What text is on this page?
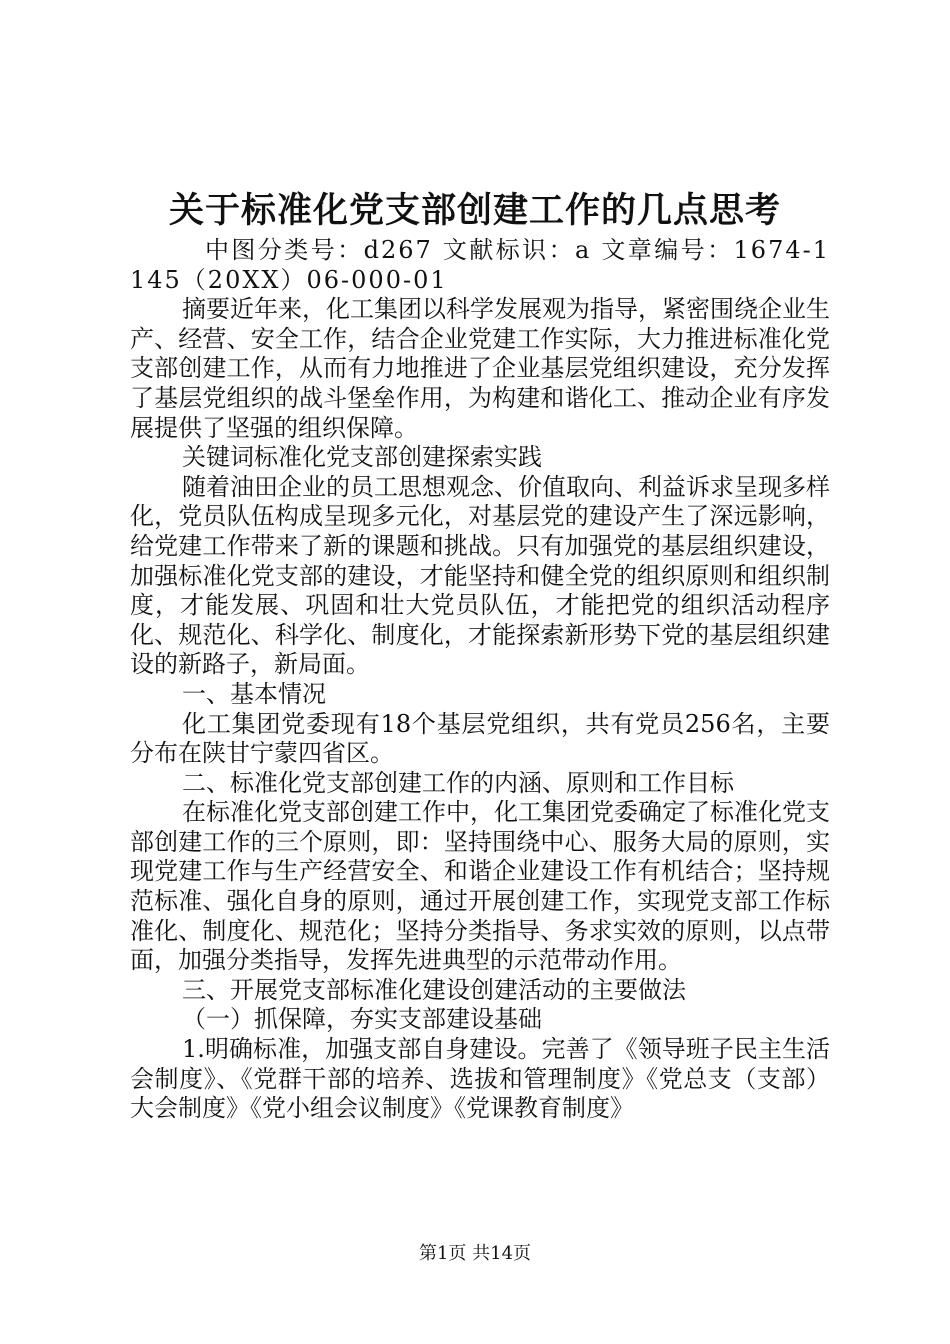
关于标准化党支部创建工作的几点思考

中图分类号：d267 文献标识：a 文章编号：1674-1145（20XX）06-000-01

摘要近年来，化工集团以科学发展观为指导，紧密围绕企业生产、经营、安全工作，结合企业党建工作实际，大力推进标准化党支部创建工作，从而有力地推进了企业基层党组织建设，充分发挥了基层党组织的战斗堡垒作用，为构建和谐化工、推动企业有序发展提供了坚强的组织保障。

关键词标准化党支部创建探索实践

随着油田企业的员工思想观念、价值取向、利益诉求呈现多样化，党员队伍构成呈现多元化，对基层党的建设产生了深远影响，给党建工作带来了新的课题和挑战。只有加强党的基层组织建设，加强标准化党支部的建设，才能坚持和健全党的组织原则和组织制度，才能发展、巩固和壮大党员队伍，才能把党的组织活动程序化、规范化、科学化、制度化，才能探索新形势下党的基层组织建设的新路子，新局面。

一、基本情况

化工集团党委现有18个基层党组织，共有党员256名，主要分布在陕甘宁蒙四省区。

二、标准化党支部创建工作的内涵、原则和工作目标

在标准化党支部创建工作中，化工集团党委确定了标准化党支部创建工作的三个原则，即：坚持围绕中心、服务大局的原则，实现党建工作与生产经营安全、和谐企业建设工作有机结合；坚持规范标准、强化自身的原则，通过开展创建工作，实现党支部工作标准化、制度化、规范化；坚持分类指导、务求实效的原则，以点带面，加强分类指导，发挥先进典型的示范带动作用。

三、开展党支部标准化建设创建活动的主要做法

（一）抓保障，夯实支部建设基础

1.明确标准，加强支部自身建设。完善了《领导班子民主生活会制度》、《党群干部的培养、选拔和管理制度》《党总支（支部）大会制度》《党小组会议制度》《党课教育制度》

第1页 共14页
